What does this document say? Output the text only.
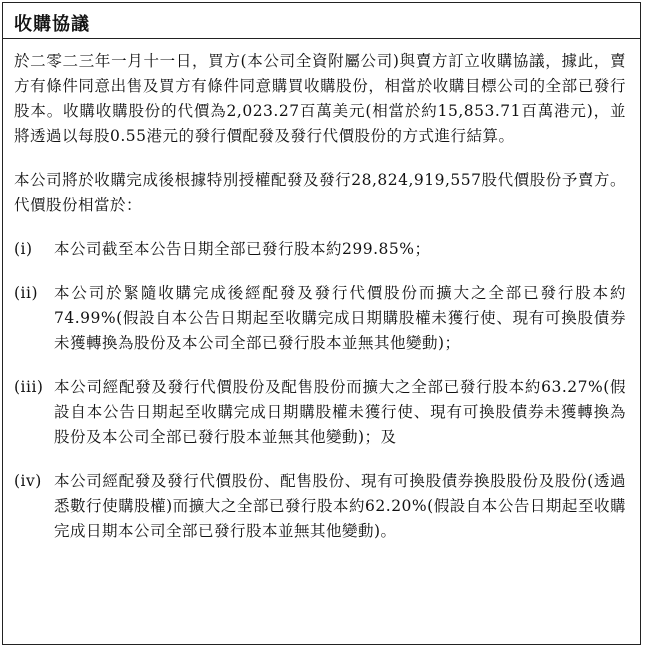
收購協議

於二零二三年一月十一日，買方(本公司全資附屬公司)與賣方訂立收購協議，據此，賣方有條件同意出售及買方有條件同意購買收購股份，相當於收購目標公司的全部已發行股本。收購收購股份的代價為2,023.27百萬美元(相當於約15,853.71百萬港元)，並將透過以每股0.55港元的發行價配發及發行代價股份的方式進行結算。

本公司將於收購完成後根據特別授權配發及發行28,824,919,557股代價股份予賣方。代價股份相當於：

(i)	本公司截至本公告日期全部已發行股本約299.85%；
(ii)	本公司於緊隨收購完成後經配發及發行代價股份而擴大之全部已發行股本約74.99%(假設自本公告日期起至收購完成日期購股權未獲行使、現有可換股債券未獲轉換為股份及本公司全部已發行股本並無其他變動)；
(iii) 本公司經配發及發行代價股份及配售股份而擴大之全部已發行股本約63.27%(假設自本公告日期起至收購完成日期購股權未獲行使、現有可換股債券未獲轉換為股份及本公司全部已發行股本並無其他變動)；及
(iv) 本公司經配發及發行代價股份、配售股份、現有可換股債券換股股份及股份(透過悉數行使購股權)而擴大之全部已發行股本約62.20%(假設自本公告日期起至收購完成日期本公司全部已發行股本並無其他變動)。
